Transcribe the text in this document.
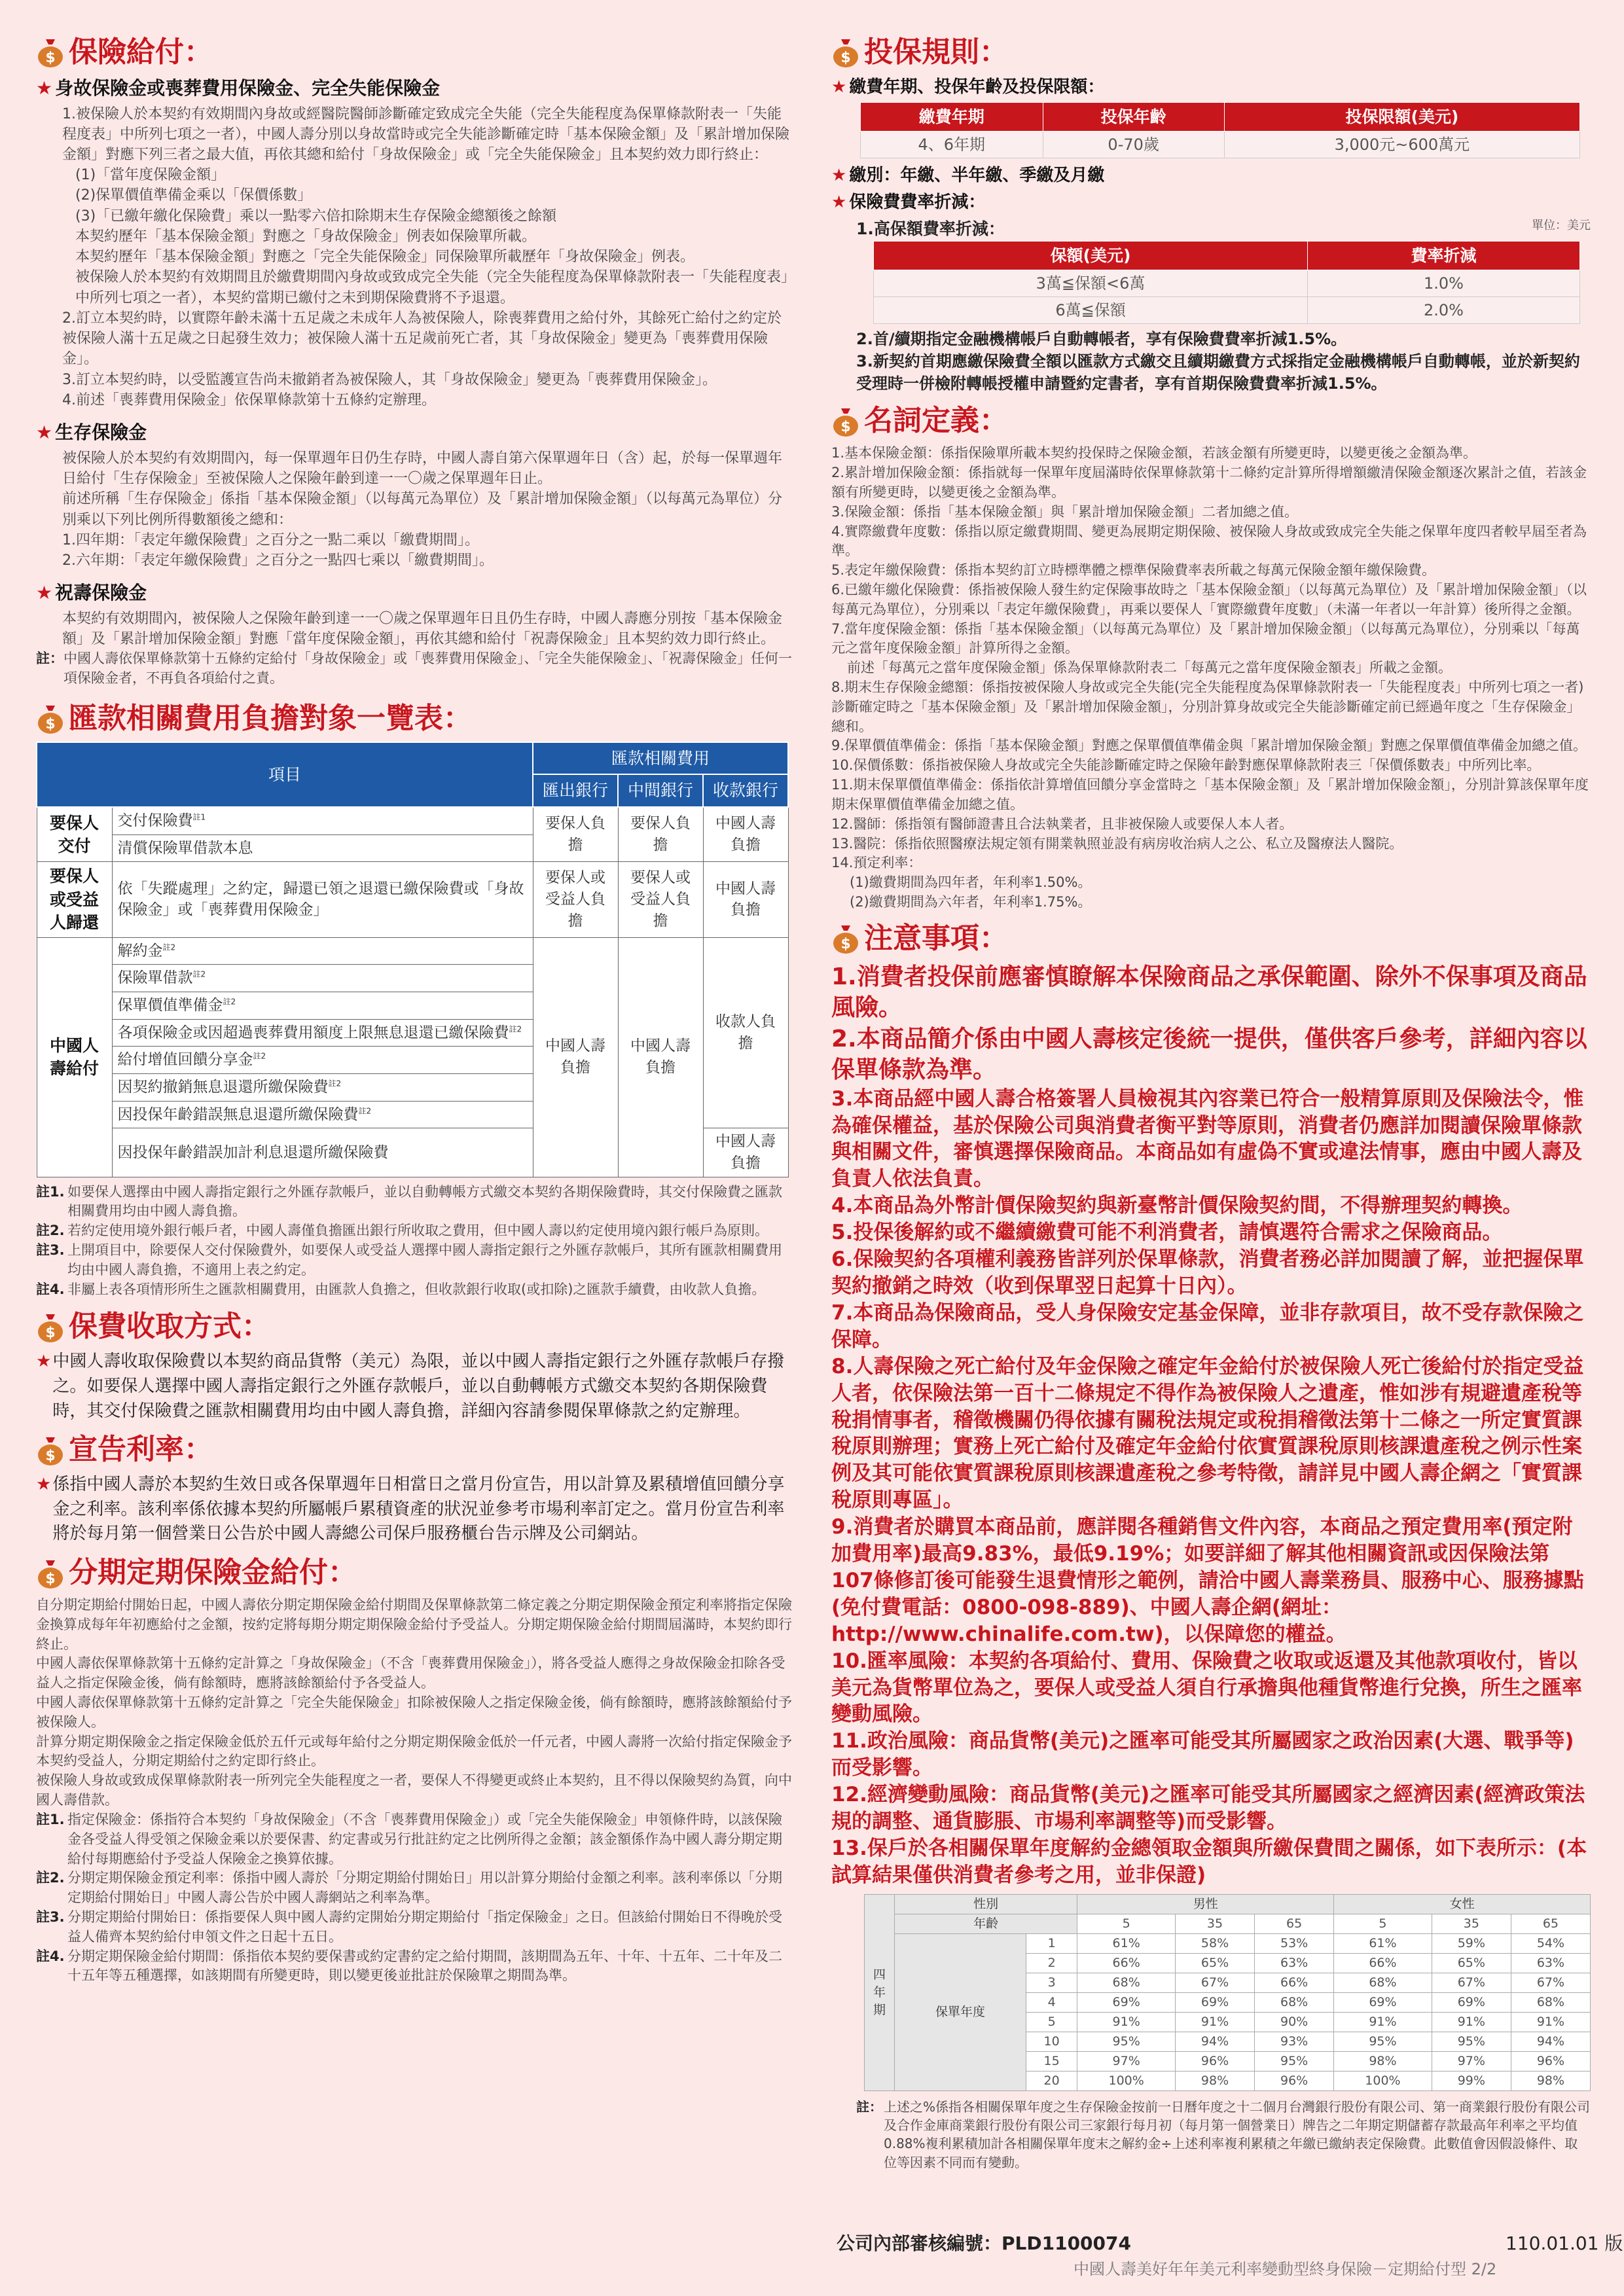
$ 保險給付：
★ 身故保險金或喪葬費用保險金、完全失能保險金
1.被保險人於本契約有效期間內身故或經醫院醫師診斷確定致成完全失能（完全失能程度為保單條款附表一「失能程度表」中所列七項之一者），中國人壽分別以身故當時或完全失能診斷確定時「基本保險金額」及「累計增加保險金額」對應下列三者之最大值，再依其總和給付「身故保險金」或「完全失能保險金」且本契約效力即行終止：
(1)「當年度保險金額」
(2)保單價值準備金乘以「保價係數」
(3)「已繳年繳化保險費」乘以一點零六倍扣除期末生存保險金總額後之餘額
本契約歷年「基本保險金額」對應之「身故保險金」例表如保險單所載。
本契約歷年「基本保險金額」對應之「完全失能保險金」同保險單所載歷年「身故保險金」例表。
被保險人於本契約有效期間且於繳費期間內身故或致成完全失能（完全失能程度為保單條款附表一「失能程度表」中所列七項之一者），本契約當期已繳付之未到期保險費將不予退還。
2.訂立本契約時，以實際年齡未滿十五足歲之未成年人為被保險人，除喪葬費用之給付外，其餘死亡給付之約定於被保險人滿十五足歲之日起發生效力；被保險人滿十五足歲前死亡者，其「身故保險金」變更為「喪葬費用保險金」。
3.訂立本契約時，以受監護宣告尚未撤銷者為被保險人，其「身故保險金」變更為「喪葬費用保險金」。
4.前述「喪葬費用保險金」依保單條款第十五條約定辦理。
★ 生存保險金
被保險人於本契約有效期間內，每一保單週年日仍生存時，中國人壽自第六保單週年日（含）起，於每一保單週年日給付「生存保險金」至被保險人之保險年齡到達一一〇歲之保單週年日止。
前述所稱「生存保險金」係指「基本保險金額」（以每萬元為單位）及「累計增加保險金額」（以每萬元為單位）分別乘以下列比例所得數額後之總和：
1.四年期：「表定年繳保險費」之百分之一點二乘以「繳費期間」。
2.六年期：「表定年繳保險費」之百分之一點四七乘以「繳費期間」。
★ 祝壽保險金
本契約有效期間內，被保險人之保險年齡到達一一〇歲之保單週年日且仍生存時，中國人壽應分別按「基本保險金額」及「累計增加保險金額」對應「當年度保險金額」，再依其總和給付「祝壽保險金」且本契約效力即行終止。
註： 中國人壽依保單條款第十五條約定給付「身故保險金」或「喪葬費用保險金」、「完全失能保險金」、「祝壽保險金」任何一項保險金者，不再負各項給付之責。
$ 匯款相關費用負擔對象一覽表：
項目		匯款相關費用		
		匯出銀行	中間銀行	收款銀行
要保人交付	交付保險費$^{註1}$	要保人負擔	要保人負擔	中國人壽負擔
	清償保險單借款本息			
要保人或受益人歸還	依「失蹤處理」之約定，歸還已領之退還已繳保險費或「身故保險金」或「喪葬費用保險金」	要保人或受益人負擔	要保人或受益人負擔	中國人壽負擔
中國人壽給付	解約金$^{註2}$	中國人壽負擔	中國人壽負擔	收款人負擔
	保險單借款$^{註2}$
	保單價值準備金$^{註2}$
	各項保險金或因超過喪葬費用額度上限無息退還已繳保險費$^{註2}$
	給付增值回饋分享金$^{註2}$
	因契約撤銷無息退還所繳保險費$^{註2}$
	因投保年齡錯誤無息退還所繳保險費$^{註2}$
	因投保年齡錯誤加計利息退還所繳保險費			中國人壽負擔
註1. 如要保人選擇由中國人壽指定銀行之外匯存款帳戶，並以自動轉帳方式繳交本契約各期保險費時，其交付保險費之匯款相關費用均由中國人壽負擔。
註2. 若約定使用境外銀行帳戶者，中國人壽僅負擔匯出銀行所收取之費用，但中國人壽以約定使用境內銀行帳戶為原則。
註3. 上開項目中，除要保人交付保險費外，如要保人或受益人選擇中國人壽指定銀行之外匯存款帳戶，其所有匯款相關費用均由中國人壽負擔，不適用上表之約定。
註4. 非屬上表各項情形所生之匯款相關費用，由匯款人負擔之，但收款銀行收取(或扣除)之匯款手續費，由收款人負擔。
$ 保費收取方式：
★ 中國人壽收取保險費以本契約商品貨幣（美元）為限，並以中國人壽指定銀行之外匯存款帳戶存撥之。如要保人選擇中國人壽指定銀行之外匯存款帳戶，並以自動轉帳方式繳交本契約各期保險費時，其交付保險費之匯款相關費用均由中國人壽負擔，詳細內容請參閱保單條款之約定辦理。
$ 宣告利率：
★ 係指中國人壽於本契約生效日或各保單週年日相當日之當月份宣告，用以計算及累積增值回饋分享金之利率。該利率係依據本契約所屬帳戶累積資產的狀況並參考市場利率訂定之。當月份宣告利率將於每月第一個營業日公告於中國人壽總公司保戶服務櫃台告示牌及公司網站。
$ 分期定期保險金給付：
自分期定期給付開始日起，中國人壽依分期定期保險金給付期間及保單條款第二條定義之分期定期保險金預定利率將指定保險金換算成每年年初應給付之金額，按約定將每期分期定期保險金給付予受益人。分期定期保險金給付期間屆滿時，本契約即行終止。
中國人壽依保單條款第十五條約定計算之「身故保險金」（不含「喪葬費用保險金」），將各受益人應得之身故保險金扣除各受益人之指定保險金後，倘有餘額時，應將該餘額給付予各受益人。
中國人壽依保單條款第十五條約定計算之「完全失能保險金」扣除被保險人之指定保險金後，倘有餘額時，應將該餘額給付予被保險人。
計算分期定期保險金之指定保險金低於五仟元或每年給付之分期定期保險金低於一仟元者，中國人壽將一次給付指定保險金予本契約受益人，分期定期給付之約定即行終止。
被保險人身故或致成保單條款附表一所列完全失能程度之一者，要保人不得變更或終止本契約，且不得以保險契約為質，向中國人壽借款。
註1. 指定保險金：係指符合本契約「身故保險金」（不含「喪葬費用保險金」）或「完全失能保險金」申領條件時，以該保險金各受益人得受領之保險金乘以於要保書、約定書或另行批註約定之比例所得之金額；該金額係作為中國人壽分期定期給付每期應給付予受益人保險金之換算依據。
註2. 分期定期保險金預定利率：係指中國人壽於「分期定期給付開始日」用以計算分期給付金額之利率。該利率係以「分期定期給付開始日」中國人壽公告於中國人壽網站之利率為準。
註3. 分期定期給付開始日：係指要保人與中國人壽約定開始分期定期給付「指定保險金」之日。但該給付開始日不得晚於受益人備齊本契約給付申領文件之日起十五日。
註4. 分期定期保險金給付期間：係指依本契約要保書或約定書約定之給付期間，該期間為五年、十年、十五年、二十年及二十五年等五種選擇，如該期間有所變更時，則以變更後並批註於保險單之期間為準。
$ 投保規則：
★ 繳費年期、投保年齡及投保限額：
繳費年期	投保年齡	投保限額(美元)
4、6年期	0-70歲	3,000元~600萬元
★ 繳別：年繳、半年繳、季繳及月繳
★ 保險費費率折減：
1.高保額費率折減：	單位：美元
保額(美元)	費率折減
3萬≦保額<6萬	1.0%
6萬≦保額	2.0%
2.首/續期指定金融機構帳戶自動轉帳者，享有保險費費率折減1.5%。
3.新契約首期應繳保險費全額以匯款方式繳交且續期繳費方式採指定金融機構帳戶自動轉帳，並於新契約受理時一併檢附轉帳授權申請暨約定書者，享有首期保險費費率折減1.5%。
$ 名詞定義：
1.基本保險金額：係指保險單所載本契約投保時之保險金額，若該金額有所變更時，以變更後之金額為準。
2.累計增加保險金額：係指就每一保單年度屆滿時依保單條款第十二條約定計算所得增額繳清保險金額逐次累計之值，若該金額有所變更時，以變更後之金額為準。
3.保險金額：係指「基本保險金額」與「累計增加保險金額」二者加總之值。
4.實際繳費年度數：係指以原定繳費期間、變更為展期定期保險、被保險人身故或致成完全失能之保單年度四者較早屆至者為準。
5.表定年繳保險費：係指本契約訂立時標準體之標準保險費率表所載之每萬元保險金額年繳保險費。
6.已繳年繳化保險費：係指被保險人發生約定保險事故時之「基本保險金額」（以每萬元為單位）及「累計增加保險金額」（以每萬元為單位），分別乘以「表定年繳保險費」，再乘以要保人「實際繳費年度數」（未滿一年者以一年計算）後所得之金額。
7.當年度保險金額：係指「基本保險金額」（以每萬元為單位）及「累計增加保險金額」（以每萬元為單位），分別乘以「每萬元之當年度保險金額」計算所得之金額。
前述「每萬元之當年度保險金額」係為保單條款附表二「每萬元之當年度保險金額表」所載之金額。
8.期末生存保險金總額：係指按被保險人身故或完全失能(完全失能程度為保單條款附表一「失能程度表」中所列七項之一者)診斷確定時之「基本保險金額」及「累計增加保險金額」，分別計算身故或完全失能診斷確定前已經過年度之「生存保險金」總和。
9.保單價值準備金：係指「基本保險金額」對應之保單價值準備金與「累計增加保險金額」對應之保單價值準備金加總之值。
10.保價係數：係指被保險人身故或完全失能診斷確定時之保險年齡對應保單條款附表三「保價係數表」中所列比率。
11.期末保單價值準備金：係指依計算增值回饋分享金當時之「基本保險金額」及「累計增加保險金額」，分別計算該保單年度期末保單價值準備金加總之值。
12.醫師：係指領有醫師證書且合法執業者，且非被保險人或要保人本人者。
13.醫院：係指依照醫療法規定領有開業執照並設有病房收治病人之公、私立及醫療法人醫院。
14.預定利率：
(1)繳費期間為四年者，年利率1.50%。
(2)繳費期間為六年者，年利率1.75%。
$ 注意事項：
1.消費者投保前應審慎瞭解本保險商品之承保範圍、除外不保事項及商品風險。
2.本商品簡介係由中國人壽核定後統一提供，僅供客戶參考，詳細內容以保單條款為準。
3.本商品經中國人壽合格簽署人員檢視其內容業已符合一般精算原則及保險法令，惟為確保權益，基於保險公司與消費者衡平對等原則，消費者仍應詳加閱讀保險單條款與相關文件，審慎選擇保險商品。本商品如有虛偽不實或違法情事，應由中國人壽及負責人依法負責。
4.本商品為外幣計價保險契約與新臺幣計價保險契約間，不得辦理契約轉換。
5.投保後解約或不繼續繳費可能不利消費者，請慎選符合需求之保險商品。
6.保險契約各項權利義務皆詳列於保單條款，消費者務必詳加閱讀了解，並把握保單契約撤銷之時效（收到保單翌日起算十日內）。
7.本商品為保險商品，受人身保險安定基金保障，並非存款項目，故不受存款保險之保障。
8.人壽保險之死亡給付及年金保險之確定年金給付於被保險人死亡後給付於指定受益人者，依保險法第一百十二條規定不得作為被保險人之遺產，惟如涉有規避遺產稅等稅捐情事者，稽徵機關仍得依據有關稅法規定或稅捐稽徵法第十二條之一所定實質課稅原則辦理；實務上死亡給付及確定年金給付依實質課稅原則核課遺產稅之例示性案例及其可能依實質課稅原則核課遺產稅之參考特徵，請詳見中國人壽企網之「實質課稅原則專區」。
9.消費者於購買本商品前，應詳閱各種銷售文件內容，本商品之預定費用率(預定附加費用率)最高9.83%，最低9.19%；如要詳細了解其他相關資訊或因保險法第107條修訂後可能發生退費情形之範例，請洽中國人壽業務員、服務中心、服務據點(免付費電話：0800-098-889)、中國人壽企網(網址：http://www.chinalife.com.tw)，以保障您的權益。
10.匯率風險：本契約各項給付、費用、保險費之收取或返還及其他款項收付，皆以美元為貨幣單位為之，要保人或受益人須自行承擔與他種貨幣進行兌換，所生之匯率變動風險。
11.政治風險：商品貨幣(美元)之匯率可能受其所屬國家之政治因素(大選、戰爭等)而受影響。
12.經濟變動風險：商品貨幣(美元)之匯率可能受其所屬國家之經濟因素(經濟政策法規的調整、通貨膨脹、市場利率調整等)而受影響。
13.保戶於各相關保單年度解約金總領取金額與所繳保費間之關係，如下表所示：(本試算結果僅供消費者參考之用，並非保證)
四年期	性別		男性			女性		
	年齡		5	35	65	5	35	65
	保單年度	1	61%	58%	53%	61%	59%	54%
		2	66%	65%	63%	66%	65%	63%
		3	68%	67%	66%	68%	67%	67%
		4	69%	69%	68%	69%	69%	68%
		5	91%	91%	90%	91%	91%	91%
		10	95%	94%	93%	95%	95%	94%
		15	97%	96%	95%	98%	97%	96%
		20	100%	98%	96%	100%	99%	98%
註： 上述之%係指各相關保單年度之生存保險金按前一日曆年度之十二個月台灣銀行股份有限公司、第一商業銀行股份有限公司及合作金庫商業銀行股份有限公司三家銀行每月初（每月第一個營業日）牌告之二年期定期儲蓄存款最高年利率之平均值0.88%複利累積加計各相關保單年度末之解約金÷上述利率複利累積之年繳已繳納表定保險費。此數值會因假設條件、取位等因素不同而有變動。
公司內部審核編號：PLD1100074	110.01.01 版
中國人壽美好年年美元利率變動型終身保險－定期給付型 2/2
